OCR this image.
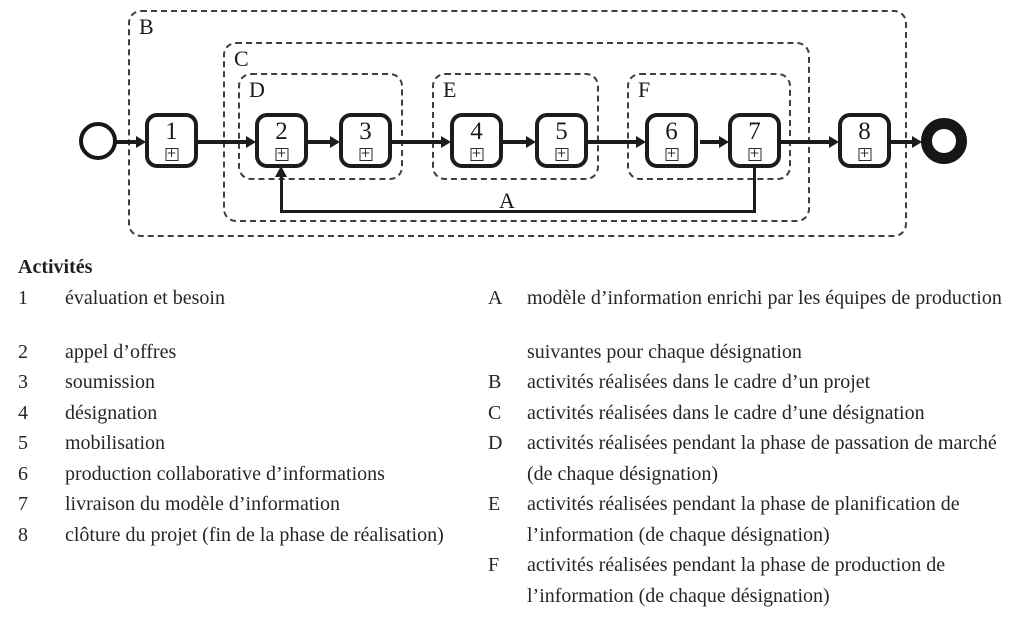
B
C
D	E	F
1
+	2
+	3
+	4
+	5
+	6
+	7
+	8
+
A
Activités
1	évaluation et besoin
2	appel d’offres
3	soumission
4	désignation
5	mobilisation
6	production collaborative d’informations
7	livraison du modèle d’information
8	clôture du projet (fin de la phase de réalisation)
A	modèle d’information enrichi par les équipes de production
suivantes pour chaque désignation
B	activités réalisées dans le cadre d’un projet
C	activités réalisées dans le cadre d’une désignation
D	activités réalisées pendant la phase de passation de marché (de chaque désignation)
E	activités réalisées pendant la phase de planification de l’information (de chaque désignation)
F	activités réalisées pendant la phase de production de l’information (de chaque désignation)
